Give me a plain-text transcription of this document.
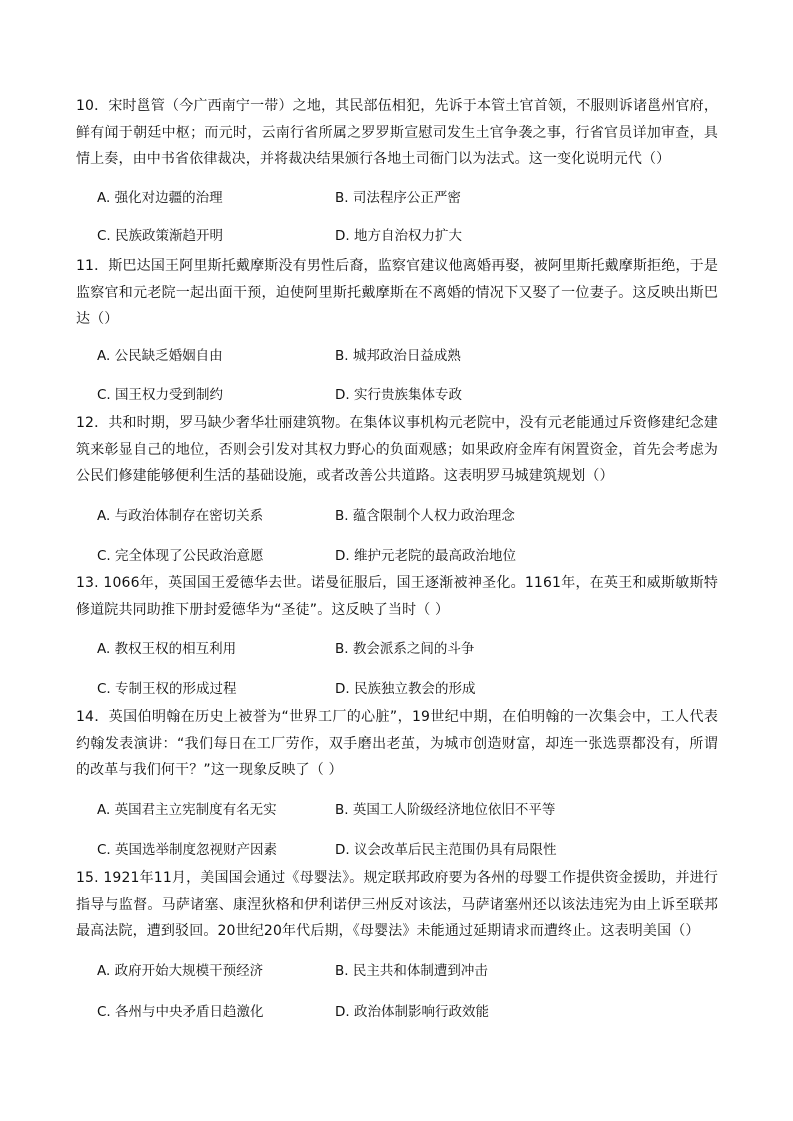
10．宋时邕管（今广西南宁一带）之地，其民部伍相犯，先诉于本管土官首领，不服则诉诸邕州官府，鲜有闻于朝廷中枢；而元时，云南行省所属之罗罗斯宣慰司发生土官争袭之事，行省官员详加审查，具情上奏，由中书省依律裁决，并将裁决结果颁行各地土司衙门以为法式。这一变化说明元代（）
A. 强化对边疆的治理	B. 司法程序公正严密
C. 民族政策渐趋开明	D. 地方自治权力扩大
11．斯巴达国王阿里斯托戴摩斯没有男性后裔，监察官建议他离婚再娶，被阿里斯托戴摩斯拒绝，于是监察官和元老院一起出面干预，迫使阿里斯托戴摩斯在不离婚的情况下又娶了一位妻子。这反映出斯巴达（）
A. 公民缺乏婚姻自由	B. 城邦政治日益成熟
C. 国王权力受到制约	D. 实行贵族集体专政
12．共和时期，罗马缺少奢华壮丽建筑物。在集体议事机构元老院中，没有元老能通过斥资修建纪念建筑来彰显自己的地位，否则会引发对其权力野心的负面观感；如果政府金库有闲置资金，首先会考虑为公民们修建能够便利生活的基础设施，或者改善公共道路。这表明罗马城建筑规划（）
A. 与政治体制存在密切关系	B. 蕴含限制个人权力政治理念
C. 完全体现了公民政治意愿	D. 维护元老院的最高政治地位
13. 1066年，英国国王爱德华去世。诺曼征服后，国王逐渐被神圣化。1161年，在英王和威斯敏斯特修道院共同助推下册封爱德华为“圣徒”。这反映了当时（ ）
A. 教权王权的相互利用	B. 教会派系之间的斗争
C. 专制王权的形成过程	D. 民族独立教会的形成
14．英国伯明翰在历史上被誉为“世界工厂的心脏”，19世纪中期，在伯明翰的一次集会中，工人代表约翰发表演讲：“我们每日在工厂劳作，双手磨出老茧，为城市创造财富，却连一张选票都没有，所谓的改革与我们何干？”这一现象反映了（ ）
A. 英国君主立宪制度有名无实	B. 英国工人阶级经济地位依旧不平等
C. 英国选举制度忽视财产因素	D. 议会改革后民主范围仍具有局限性
15. 1921年11月，美国国会通过《母婴法》。规定联邦政府要为各州的母婴工作提供资金援助，并进行指导与监督。马萨诸塞、康涅狄格和伊利诺伊三州反对该法，马萨诸塞州还以该法违宪为由上诉至联邦最高法院，遭到驳回。20世纪20年代后期，《母婴法》未能通过延期请求而遭终止。这表明美国（）
A. 政府开始大规模干预经济	B. 民主共和体制遭到冲击
C. 各州与中央矛盾日趋激化	D. 政治体制影响行政效能
